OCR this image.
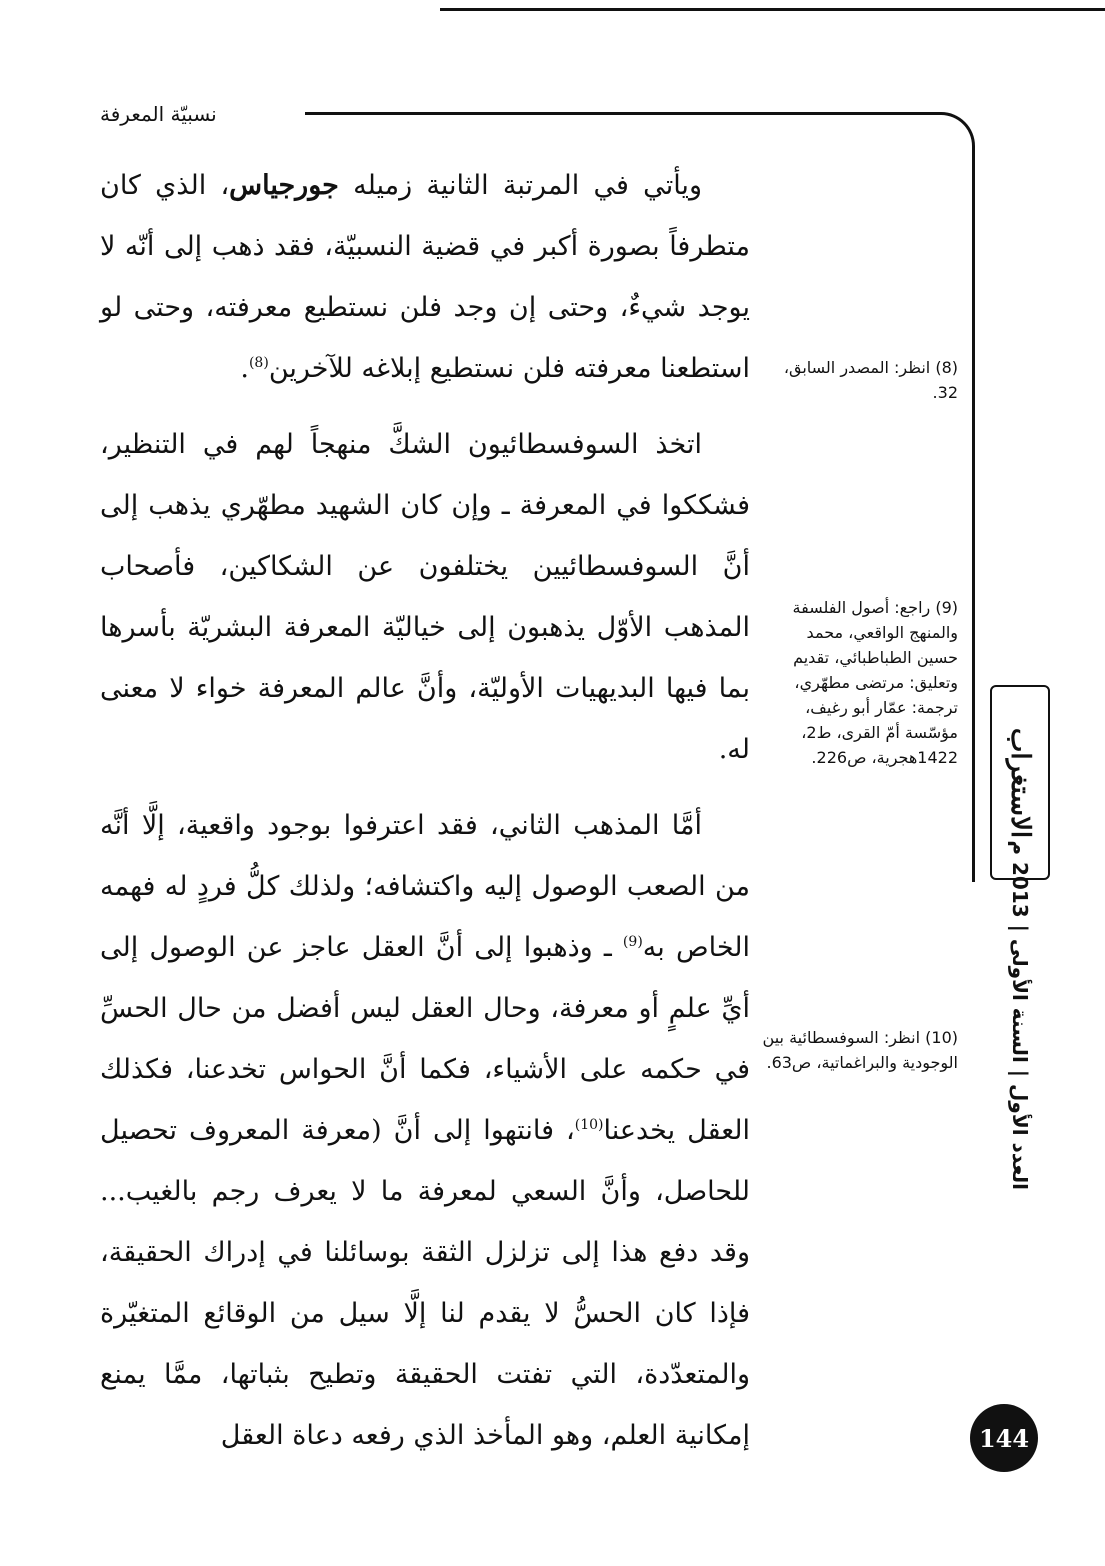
نسبيّة المعرفة

ويأتي في المرتبة الثانية زميله جورجياس، الذي كان متطرفاً بصورة أكبر في قضية النسبيّة، فقد ذهب إلى أنّه لا يوجد شيءٌ، وحتى إن وجد فلن نستطيع معرفته، وحتى لو استطعنا معرفته فلن نستطيع إبلاغه للآخرين$^{(8)}$.

اتخذ السوفسطائيون الشكَّ منهجاً لهم في التنظير، فشككوا في المعرفة ـ وإن كان الشهيد مطهّري يذهب إلى أنَّ السوفسطائيين يختلفون عن الشكاكين، فأصحاب المذهب الأوّل يذهبون إلى خياليّة المعرفة البشريّة بأسرها بما فيها البديهيات الأوليّة، وأنَّ عالم المعرفة خواء لا معنى له.

أمَّا المذهب الثاني، فقد اعترفوا بوجود واقعية، إلَّا أنَّه من الصعب الوصول إليه واكتشافه؛ ولذلك كلُّ فردٍ له فهمه الخاص به$^{(9)}$ ـ وذهبوا إلى أنَّ العقل عاجز عن الوصول إلى أيِّ علمٍ أو معرفة، وحال العقل ليس أفضل من حال الحسِّ في حكمه على الأشياء، فكما أنَّ الحواس تخدعنا، فكذلك العقل يخدعنا$^{(10)}$، فانتهوا إلى أنَّ (معرفة المعروف تحصيل للحاصل، وأنَّ السعي لمعرفة ما لا يعرف رجم بالغيب... وقد دفع هذا إلى تزلزل الثقة بوسائلنا في إدراك الحقيقة، فإذا كان الحسُّ لا يقدم لنا إلَّا سيل من الوقائع المتغيّرة والمتعدّدة، التي تفتت الحقيقة وتطيح بثباتها، ممَّا يمنع إمكانية العلم، وهو المأخذ الذي رفعه دعاة العقل

(8) انظر: المصدر السابق، 32.

(9) راجع: أصول الفلسفة والمنهج الواقعي، محمد حسين الطباطبائي، تقديم وتعليق: مرتضى مطهّري، ترجمة: عمّار أبو رغيف، مؤسّسة أمّ القرى، ط2، 1422هجرية، ص226.

(10) انظر: السوفسطائية بين الوجودية والبراغماتية، ص63.

الاستغراب
العدد الأول | السنة الأولى | 2013 م
144
